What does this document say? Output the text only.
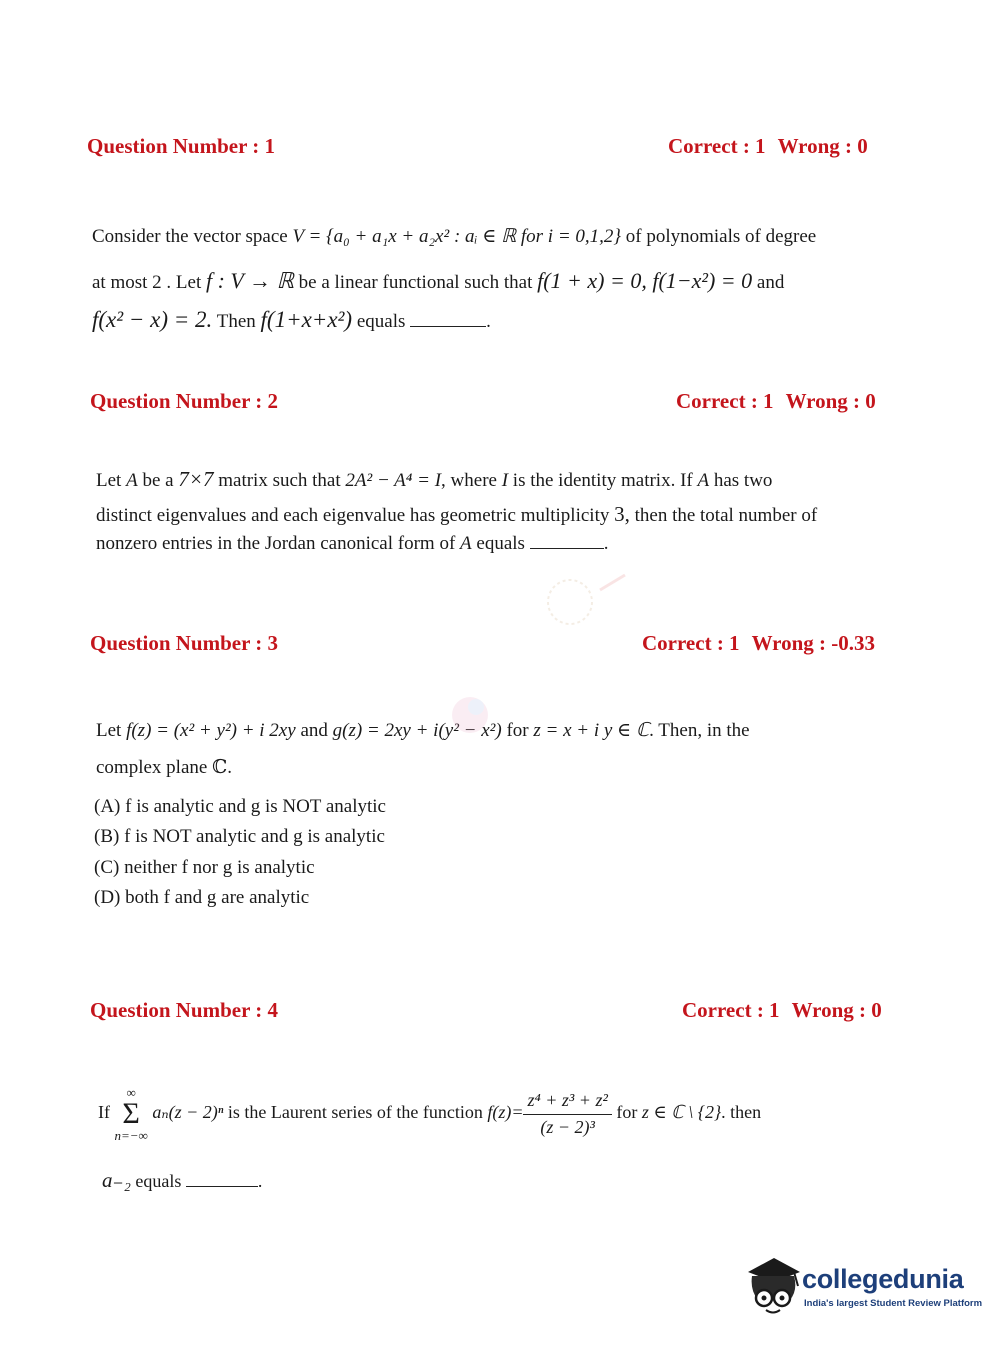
Question Number : 1	Correct : 1 Wrong : 0
Consider the vector space V = {a₀ + a₁x + a₂x² : aᵢ ∈ ℝ for i = 0,1,2} of polynomials of degree
at most 2 . Let f : V → ℝ be a linear functional such that f(1 + x) = 0, f(1−x²) = 0 and
f(x² − x) = 2. Then f(1+x+x²) equals	.
Question Number : 2	Correct : 1 Wrong : 0
Let A be a 7×7 matrix such that 2A² − A⁴ = I, where I is the identity matrix. If A has two
distinct eigenvalues and each eigenvalue has geometric multiplicity 3, then the total number of
nonzero entries in the Jordan canonical form of A equals	.
Question Number : 3	Correct : 1 Wrong : -0.33
Let f(z) = (x² + y²) + i 2xy and g(z) = 2xy + i(y² − x²) for z = x + i y ∈ ℂ. Then, in the
complex plane ℂ.
(A) f is analytic and g is NOT analytic
(B) f is NOT analytic and g is analytic
(C) neither f nor g is analytic
(D) both f and g are analytic
Question Number : 4	Correct : 1 Wrong : 0
If ∞
Σ
n=−∞ aₙ(z − 2)ⁿ is the Laurent series of the function $f(z)= \frac{\text{z⁴ + z³ + z²}}{\text{(z − 2)³}}$ for z ∈ ℂ \ {2}. then
a₋₂ equals	.
collegedunia
India's largest Student Review Platform
